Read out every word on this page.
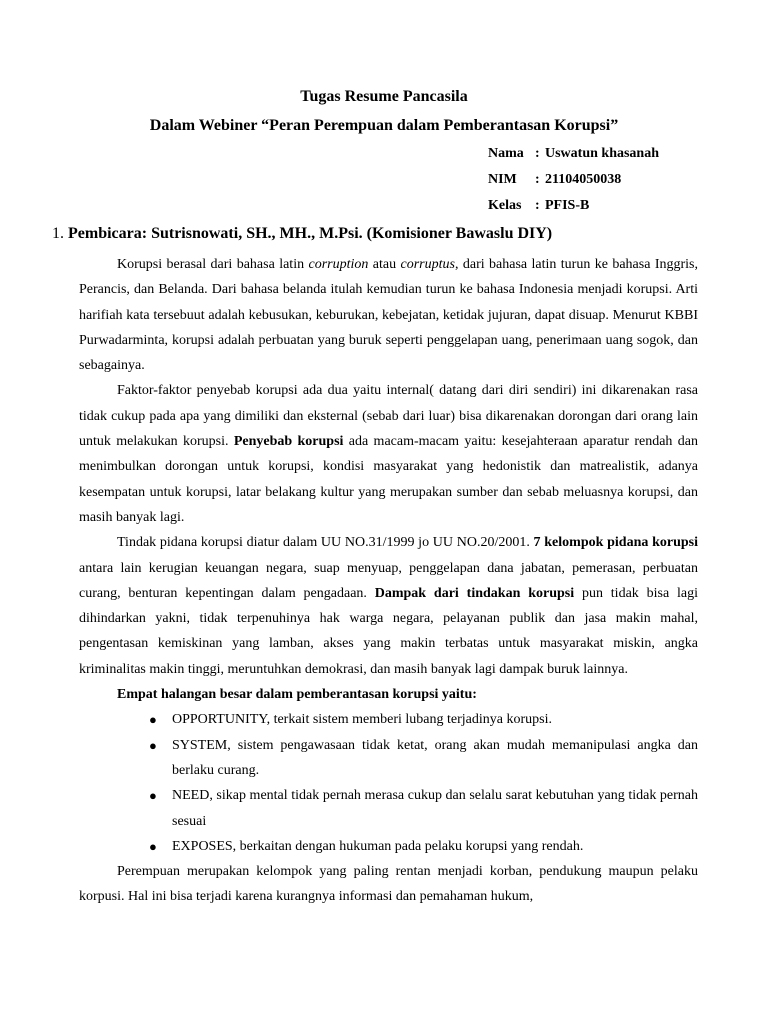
Tugas Resume Pancasila
Dalam Webiner “Peran Perempuan dalam Pemberantasan Korupsi”
Nama : Uswatun khasanah
NIM : 21104050038
Kelas : PFIS-B
1. Pembicara: Sutrisnowati, SH., MH., M.Psi. (Komisioner Bawaslu DIY)

Korupsi berasal dari bahasa latin corruption atau corruptus, dari bahasa latin turun ke bahasa Inggris, Perancis, dan Belanda. Dari bahasa belanda itulah kemudian turun ke bahasa Indonesia menjadi korupsi. Arti harifiah kata tersebuut adalah kebusukan, keburukan, kebejatan, ketidak jujuran, dapat disuap. Menurut KBBI Purwadarminta, korupsi adalah perbuatan yang buruk seperti penggelapan uang, penerimaan uang sogok, dan sebagainya.

Faktor-faktor penyebab korupsi ada dua yaitu internal( datang dari diri sendiri) ini dikarenakan rasa tidak cukup pada apa yang dimiliki dan eksternal (sebab dari luar) bisa dikarenakan dorongan dari orang lain untuk melakukan korupsi. Penyebab korupsi ada macam-macam yaitu: kesejahteraan aparatur rendah dan menimbulkan dorongan untuk korupsi, kondisi masyarakat yang hedonistik dan matrealistik, adanya kesempatan untuk korupsi, latar belakang kultur yang merupakan sumber dan sebab meluasnya korupsi, dan masih banyak lagi.

Tindak pidana korupsi diatur dalam UU NO.31/1999 jo UU NO.20/2001. 7 kelompok pidana korupsi antara lain kerugian keuangan negara, suap menyuap, penggelapan dana jabatan, pemerasan, perbuatan curang, benturan kepentingan dalam pengadaan. Dampak dari tindakan korupsi pun tidak bisa lagi dihindarkan yakni, tidak terpenuhinya hak warga negara, pelayanan publik dan jasa makin mahal, pengentasan kemiskinan yang lamban, akses yang makin terbatas untuk masyarakat miskin, angka kriminalitas makin tinggi, meruntuhkan demokrasi, dan masih banyak lagi dampak buruk lainnya.

Empat halangan besar dalam pemberantasan korupsi yaitu:

● OPPORTUNITY, terkait sistem memberi lubang terjadinya korupsi.
● SYSTEM, sistem pengawasaan tidak ketat, orang akan mudah memanipulasi angka dan berlaku curang.
● NEED, sikap mental tidak pernah merasa cukup dan selalu sarat kebutuhan yang tidak pernah sesuai
● EXPOSES, berkaitan dengan hukuman pada pelaku korupsi yang rendah.

Perempuan merupakan kelompok yang paling rentan menjadi korban, pendukung maupun pelaku korpusi. Hal ini bisa terjadi karena kurangnya informasi dan pemahaman hukum,
